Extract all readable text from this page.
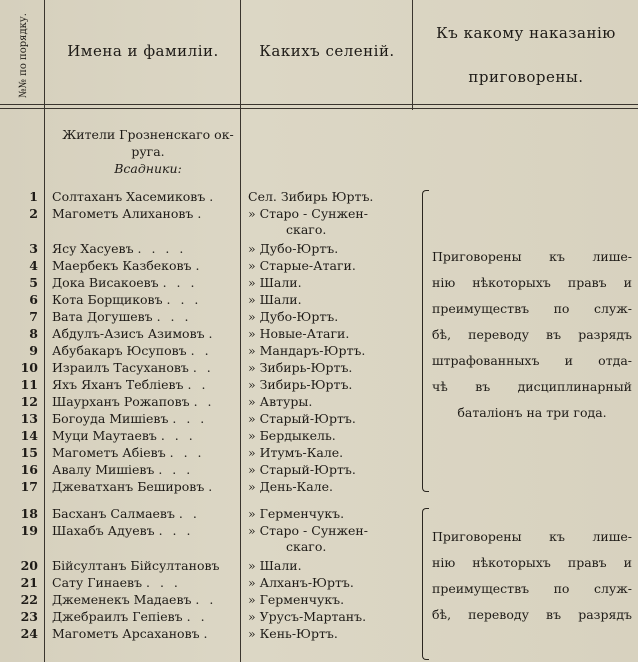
№№ по порядку.	Имена и фамиліи.	Какихъ селеній.
Къ какому наказанію
приговорены.
Жители Грозненскаго ок-
руга.
Всадники:
1 Солтаханъ Хасемиковъ .	Сел. Зибирь Юртъ.
2 Магометъ Алихановъ .	» Старо - Сунжен-
скаго.
3 Ясу Хасуевъ . . . .	» Дубо-Юртъ.
4 Маербекъ Казбековъ .	» Старые-Атаги.
5 Дока Висакоевъ . . .	» Шали.
6 Кота Борщиковъ . . .	» Шали.
7 Вата Догушевъ . . .	» Дубо-Юртъ.
8 Абдулъ-Азисъ Азимовъ .	» Новые-Атаги.
9 Абубакаръ Юсуповъ . .	» Мандаръ-Юртъ.
10 Израилъ Тасухановъ . .	» Зибирь-Юртъ.
11 Яхъ Яханъ Теблiевъ . .	» Зибирь-Юртъ.
12 Шаурханъ Рожаповъ . .	» Автуры.
13 Богоуда Мишiевъ . . .	» Старый-Юртъ.
14 Муци Маутаевъ . . .	» Бердыкель.
15 Магометъ Абiевъ . . .	» Итумъ-Кале.
16 Авалу Мишiевъ . . .	» Старый-Юртъ.
17 Джеватханъ Бешировъ .	» День-Кале.
18 Басханъ Салмаевъ . .	» Герменчукъ.
19 Шахабъ Адуевъ . . .	» Старо - Сунжен-
скаго.
20 Бiйсултанъ Бiйсултановъ	» Шали.
21 Сату Гинаевъ . . .	» Алханъ-Юртъ.
22 Джеменекъ Мадаевъ . .	» Герменчукъ.
23 Джебраилъ Гепiевъ . .	» Урусъ-Мартанъ.
24 Магометъ Арсахановъ .	» Кень-Юртъ.
Приговорены къ лише-
нію нѣкоторыхъ правъ и
преимуществъ по служ-
бѣ, переводу въ разрядъ
штрафованныхъ и отда-
чѣ въ дисциплинарный
баталіонъ на три года.
Приговорены къ лише-
нію нѣкоторыхъ правъ и
преимуществъ по служ-
бѣ, переводу въ разрядъ
